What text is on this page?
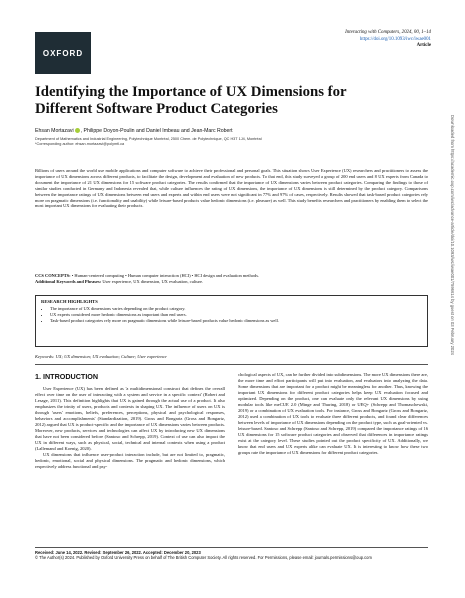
OXFORD
Interacting with Computers, 2024, 00, 1–14
https://doi.org/10.1093/iwc/iwae001
Article
Identifying the Importance of UX Dimensions for Different Software Product Categories
Ehsan Mortazavi , Philippe Doyon-Poulin and Daniel Imbeau and Jean-Marc Robert
Department of Mathematics and Industrial Engineering, Polytechnique Montréal, 2500 Chem. de Polytechnique, QC H3T 1J4, Montréal
*Corresponding author: ehsan.mortazavi@polymtl.ca
Billions of users around the world use mobile applications and computer software to achieve their professional and personal goals. This situation shows User Experience (UX) researchers and practitioners to assess the importance of UX dimensions across different products, to facilitate the design, development and evaluation of new products. To that end, this study surveyed a group of 200 end users and 8 UX experts from Canada to document the importance of 21 UX dimensions for 15 software product categories. The results confirmed that the importance of UX dimensions varies between product categories. Comparing the findings to those of similar studies conducted in Germany and Indonesia revealed that, while culture influences the rating of UX dimensions, the importance of UX dimensions is still determined by the product category. Comparisons between the importance ratings of UX dimensions between end users and experts and within end users were not significant in 77% and 97% of cases, respectively. Results showed that task-based product categories rely more on pragmatic dimensions (i.e. functionality and usability) while leisure-based products value hedonic dimensions (i.e. pleasure) as well. This study benefits researchers and practitioners by enabling them to select the most important UX dimensions for evaluating their products.
CCS CONCEPTS: • Human-centered computing • Human computer interaction (HCI) • HCI design and evaluation methods.
Additional Keywords and Phrases: User experience, UX dimension, UX evaluation, culture.
RESEARCH HIGHLIGHTS
• The importance of UX dimensions varies depending on the product category.
• UX experts considered more hedonic dimensions as important than end users.
• Task-based product categories rely more on pragmatic dimensions while leisure-based products value hedonic dimensions as well.
Keywords: UX; UX dimension; UX evaluation; Culture; User experience
1. INTRODUCTION

User Experience (UX) has been defined as 'a multidimensional construct that defines the overall effect over time on the user of interacting with a system and service in a specific context' (Robert and Lesage, 2011). This definition highlights that UX is gained through the actual use of a product. It also emphasizes the trinity of users, products and contexts in shaping UX. The influence of users on UX is through 'users' emotions, beliefs, preferences, perceptions, physical and psychological responses, behaviors and accomplishments' (Standardization, 2019). Gross and Bongartz (Gross and Bongartz, 2012) argued that UX is product-specific and the importance of UX dimensions varies between products. Moreover, new products, services and technologies can affect UX by introducing new UX dimensions that have not been considered before (Santoso and Schrepp, 2019). Context of use can also impact the UX in different ways, such as physical, social, technical and internal contexts when using a product (Lallemand and Koenig, 2020).

UX dimensions that influence user-product interaction include, but are not limited to, pragmatic, hedonic, emotional, social and physical dimensions. The pragmatic and hedonic dimensions, which respectively address functional and psy-

chological aspects of UX, can be further divided into subdimensions. The more UX dimensions there are, the more time and effort participants will put into evaluation, and evaluators into analyzing the data. Some dimensions that are important for a product might be meaningless for another. Thus, knowing the important UX dimensions for different product categories helps keep UX evaluation focused and optimized. Depending on the product, one can evaluate only the relevant UX dimensions by using modular tools like meCUE 2.0 (Minge and Thuring, 2018) or UEQ+ (Schrepp and Thomaschewski, 2019) or a combination of UX evaluation tools. For instance, Gross and Bongartz (Gross and Bongartz, 2012) used a combination of UX tools to evaluate three different products, and found clear differences between levels of importance of UX dimensions depending on the product type, such as goal-oriented vs. leisure-based. Santoso and Schrepp (Santoso and Schrepp, 2019) compared the importance ratings of 16 UX dimensions for 15 software product categories and observed that differences in importance ratings exist at the category level. These studies pointed out the product specificity of UX. Additionally, we know that end users and UX experts alike can evaluate UX. It is interesting to know how these two groups rate the importance of UX dimensions for different product categories.

Received: June 14, 2022. Revised: September 26, 2022. Accepted: December 20, 2023
© The Author(s) 2024. Published by Oxford University Press on behalf of The British Computer Society. All rights reserved. For Permissions, please email: journals.permissions@oup.com
Downloaded from https://academic.oup.com/iwc/advance-article/doi/10.1093/iwc/iwae001/7596614 by guest on 03 February 2024
